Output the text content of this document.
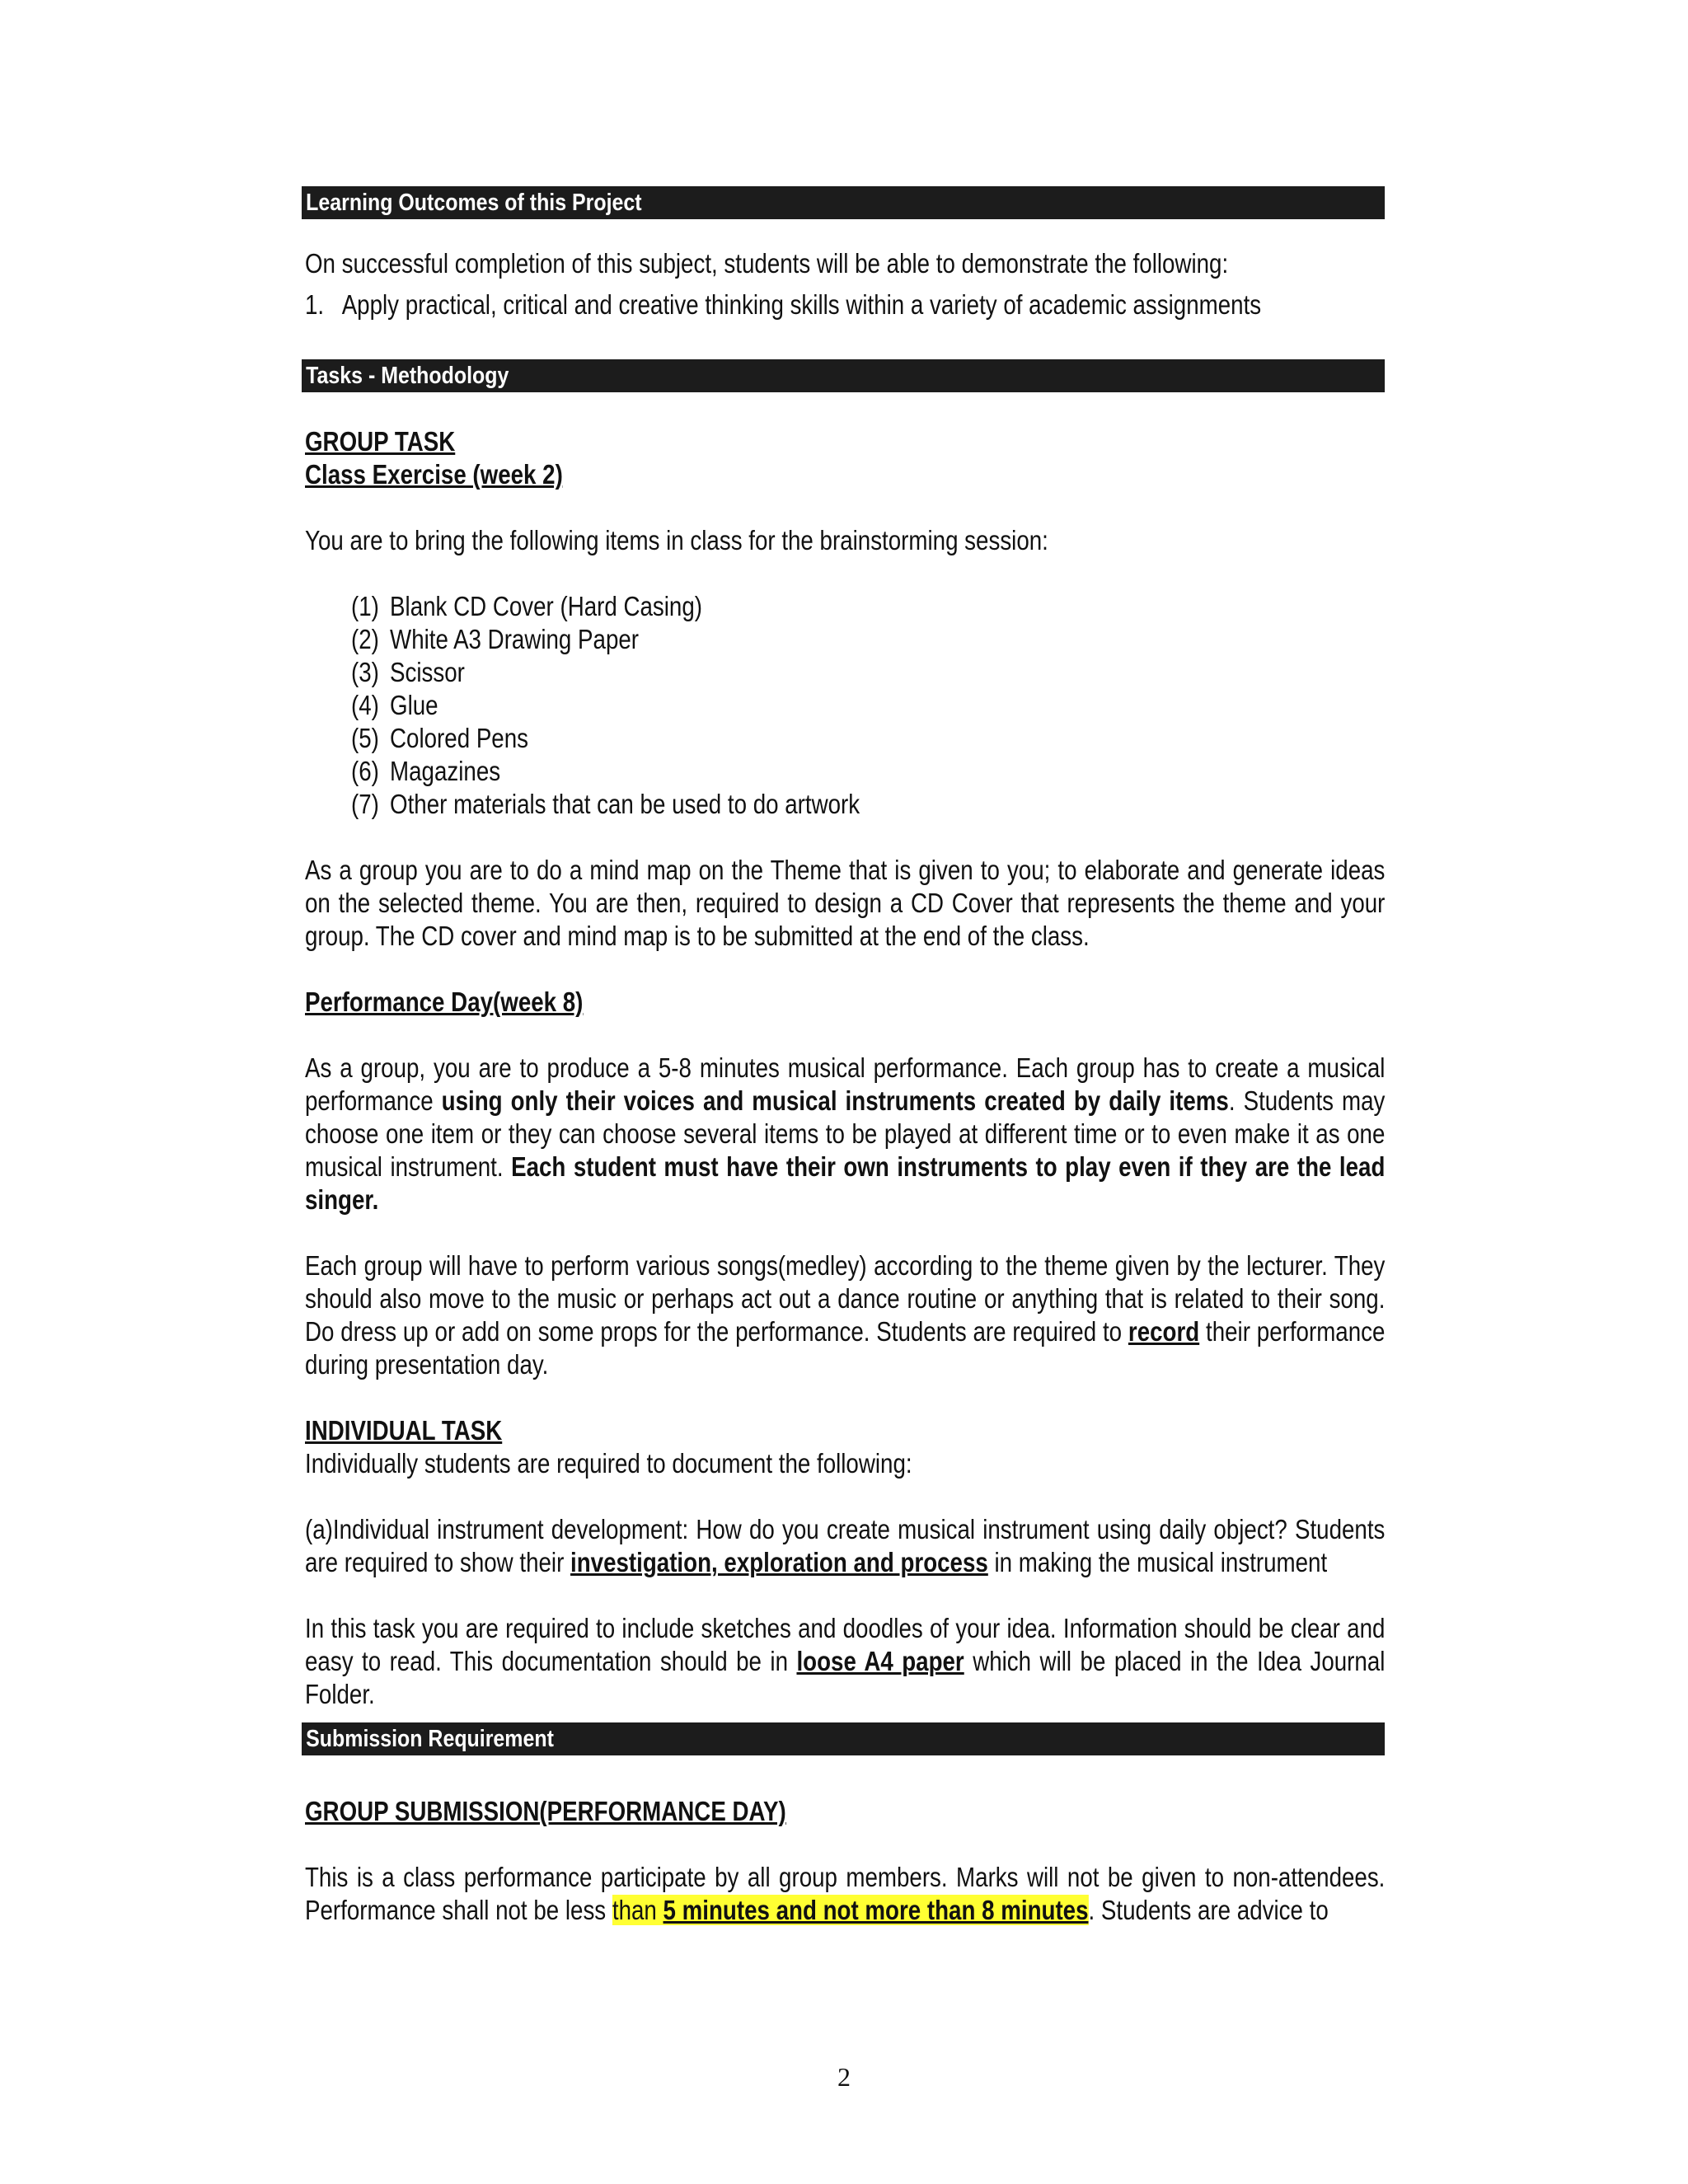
Learning Outcomes of this Project
On successful completion of this subject, students will be able to demonstrate the following:
1.   Apply practical, critical and creative thinking skills within a variety of academic assignments
Tasks - Methodology
GROUP TASK
Class Exercise (week 2)
You are to bring the following items in class for the brainstorming session:
(1) Blank CD Cover (Hard Casing)
(2) White A3 Drawing Paper
(3) Scissor
(4) Glue
(5) Colored Pens
(6) Magazines
(7) Other materials that can be used to do artwork
As a group you are to do a mind map on the Theme that is given to you; to elaborate and generate ideas on the selected theme. You are then, required to design a CD Cover that represents the theme and your group. The CD cover and mind map is to be submitted at the end of the class.
Performance Day(week 8)
As a group, you are to produce a 5-8 minutes musical performance. Each group has to create a musical performance using only their voices and musical instruments created by daily items. Students may choose one item or they can choose several items to be played at different time or to even make it as one musical instrument. Each student must have their own instruments to play even if they are the lead singer.
Each group will have to perform various songs(medley) according to the theme given by the lecturer. They should also move to the music or perhaps act out a dance routine or anything that is related to their song. Do dress up or add on some props for the performance. Students are required to record their performance during presentation day.
INDIVIDUAL TASK
Individually students are required to document the following:
(a)Individual instrument development: How do you create musical instrument using daily object? Students are required to show their investigation, exploration and process in making the musical instrument
In this task you are required to include sketches and doodles of your idea. Information should be clear and easy to read. This documentation should be in loose A4 paper which will be placed in the Idea Journal Folder.
Submission Requirement
GROUP SUBMISSION(PERFORMANCE DAY)
This is a class performance participate by all group members. Marks will not be given to non-attendees. Performance shall not be less than 5 minutes and not more than 8 minutes. Students are advice to
2
